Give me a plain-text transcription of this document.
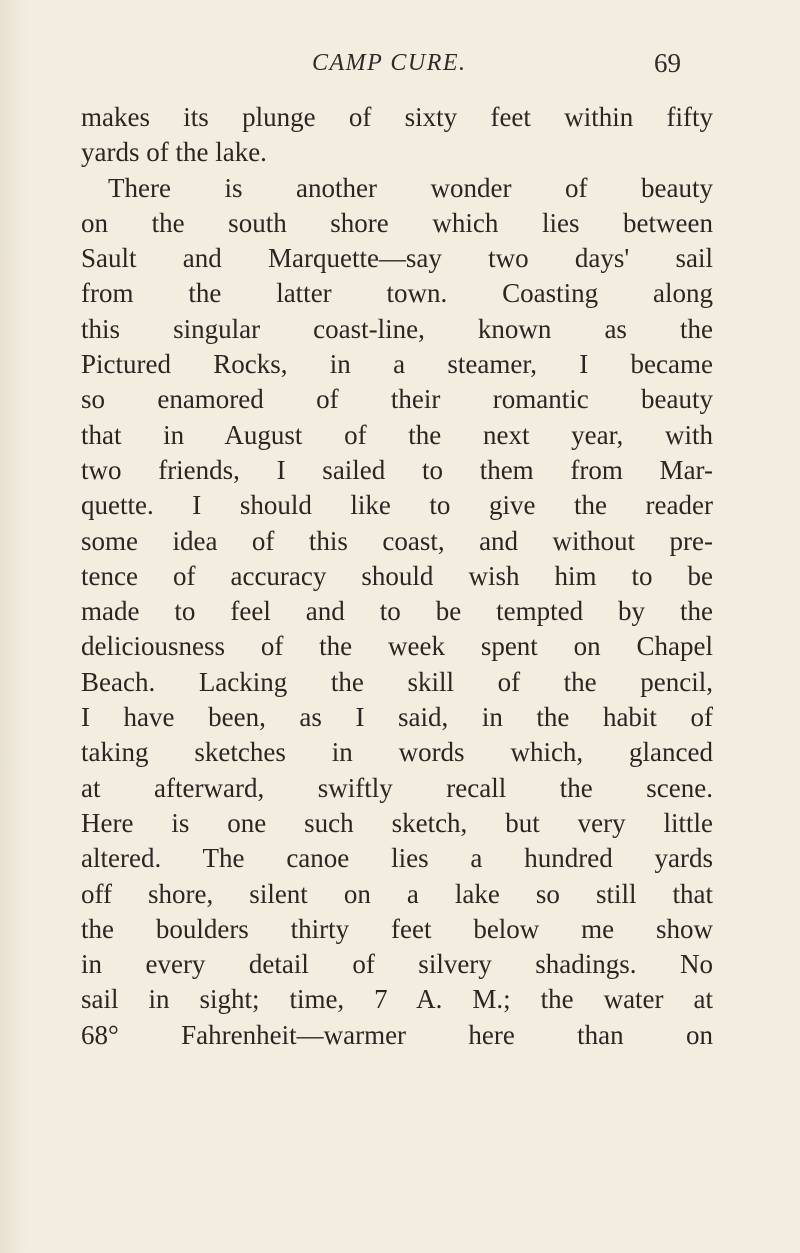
CAMP CURE.	69
makes its plunge of sixty feet within fifty
yards of the lake.
There is another wonder of beauty
on the south shore which lies between
Sault and Marquette—say two days' sail
from the latter town. Coasting along
this singular coast-line, known as the
Pictured Rocks, in a steamer, I became
so enamored of their romantic beauty
that in August of the next year, with
two friends, I sailed to them from Mar-
quette. I should like to give the reader
some idea of this coast, and without pre-
tence of accuracy should wish him to be
made to feel and to be tempted by the
deliciousness of the week spent on Chapel
Beach. Lacking the skill of the pencil,
I have been, as I said, in the habit of
taking sketches in words which, glanced
at afterward, swiftly recall the scene.
Here is one such sketch, but very little
altered. The canoe lies a hundred yards
off shore, silent on a lake so still that
the boulders thirty feet below me show
in every detail of silvery shadings. No
sail in sight; time, 7 A. M.; the water at
68° Fahrenheit—warmer here than on
